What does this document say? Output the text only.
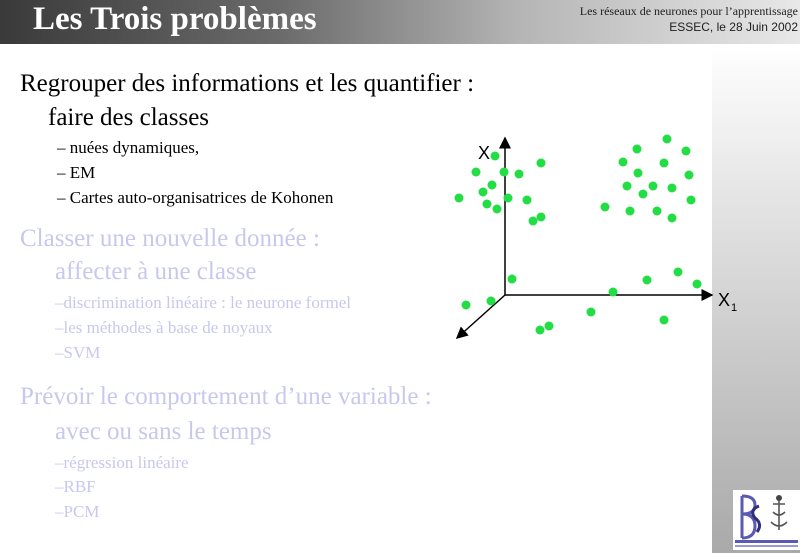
Les Trois problèmes	Les réseaux de neurones pour l’apprentissage
ESSEC, le 28 Juin 2002
Regrouper des informations et les quantifier :
faire des classes
– nuées dynamiques,
– EM
– Cartes auto-organisatrices de Kohonen
Classer une nouvelle donnée :
affecter à une classe
–discrimination linéaire : le neurone formel
–les méthodes à base de noyaux
–SVM
Prévoir le comportement d’une variable :
avec ou sans le temps
–régression linéaire
–RBF
–PCM
X
X 1
